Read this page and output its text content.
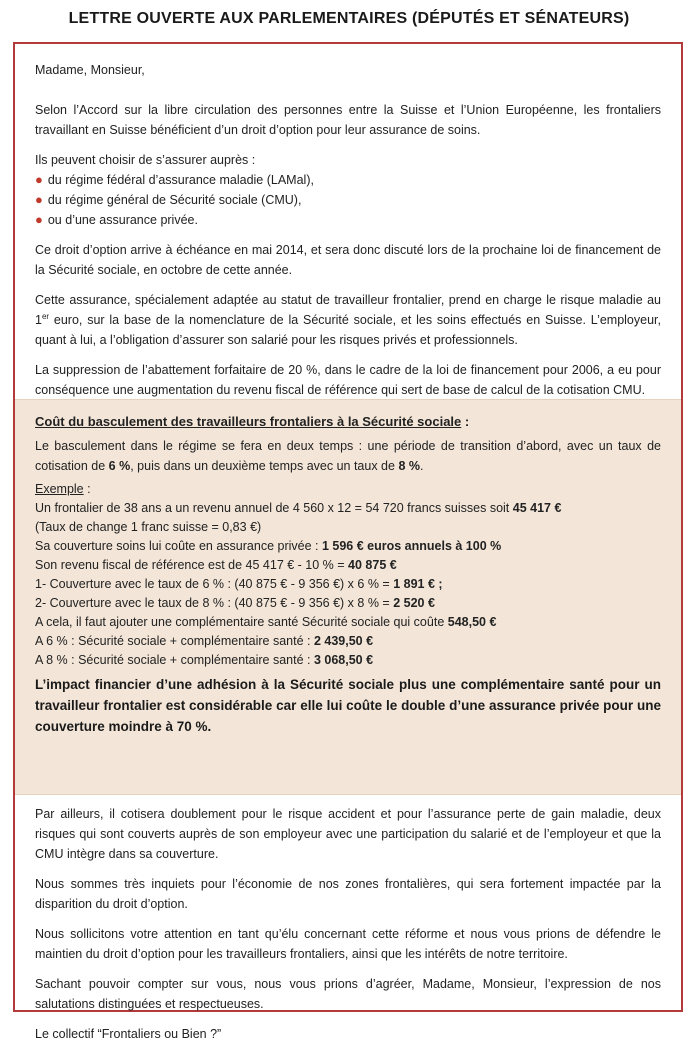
LETTRE OUVERTE AUX PARLEMENTAIRES (DÉPUTÉS ET SÉNATEURS)

Madame, Monsieur,

Selon l’Accord sur la libre circulation des personnes entre la Suisse et l’Union Européenne, les frontaliers travaillant en Suisse bénéficient d’un droit d’option pour leur assurance de soins.

Ils peuvent choisir de s’assurer auprès :

● du régime fédéral d’assurance maladie (LAMal),
● du régime général de Sécurité sociale (CMU),
● ou d’une assurance privée.

Ce droit d’option arrive à échéance en mai 2014, et sera donc discuté lors de la prochaine loi de financement de la Sécurité sociale, en octobre de cette année.

Cette assurance, spécialement adaptée au statut de travailleur frontalier, prend en charge le risque maladie au 1er euro, sur la base de la nomenclature de la Sécurité sociale, et les soins effectués en Suisse. L’employeur, quant à lui, a l’obligation d’assurer son salarié pour les risques privés et professionnels.

La suppression de l’abattement forfaitaire de 20 %, dans le cadre de la loi de financement pour 2006, a eu pour conséquence une augmentation du revenu fiscal de référence qui sert de base de calcul de la cotisation CMU.

Coût du basculement des travailleurs frontaliers à la Sécurité sociale :

Le basculement dans le régime se fera en deux temps : une période de transition d’abord, avec un taux de cotisation de 6 %, puis dans un deuxième temps avec un taux de 8 %.

Exemple :
Un frontalier de 38 ans a un revenu annuel de 4 560 x 12 = 54 720 francs suisses soit 45 417 €
(Taux de change 1 franc suisse = 0,83 €)
Sa couverture soins lui coûte en assurance privée : 1 596 € euros annuels à 100 %
Son revenu fiscal de référence est de 45 417 € - 10 % = 40 875 €
1- Couverture avec le taux de 6 % : (40 875 € - 9 356 €) x 6 % = 1 891 € ;
2- Couverture avec le taux de 8 % : (40 875 € - 9 356 €) x 8 % = 2 520 €
A cela, il faut ajouter une complémentaire santé Sécurité sociale qui coûte 548,50 €
A 6 % : Sécurité sociale + complémentaire santé : 2 439,50 €
A 8 % : Sécurité sociale + complémentaire santé : 3 068,50 €

L’impact financier d’une adhésion à la Sécurité sociale plus une complémentaire santé pour un travailleur frontalier est considérable car elle lui coûte le double d’une assurance privée pour une couverture moindre à 70 %.

Par ailleurs, il cotisera doublement pour le risque accident et pour l’assurance perte de gain maladie, deux risques qui sont couverts auprès de son employeur avec une participation du salarié et de l’employeur et que la CMU intègre dans sa couverture.

Nous sommes très inquiets pour l’économie de nos zones frontalières, qui sera fortement impactée par la disparition du droit d’option.

Nous sollicitons votre attention en tant qu’élu concernant cette réforme et nous vous prions de défendre le maintien du droit d’option pour les travailleurs frontaliers, ainsi que les intérêts de notre territoire.

Sachant pouvoir compter sur vous, nous vous prions d’agréer, Madame, Monsieur, l’expression de nos salutations distinguées et respectueuses.

Le collectif “Frontaliers ou Bien ?”
